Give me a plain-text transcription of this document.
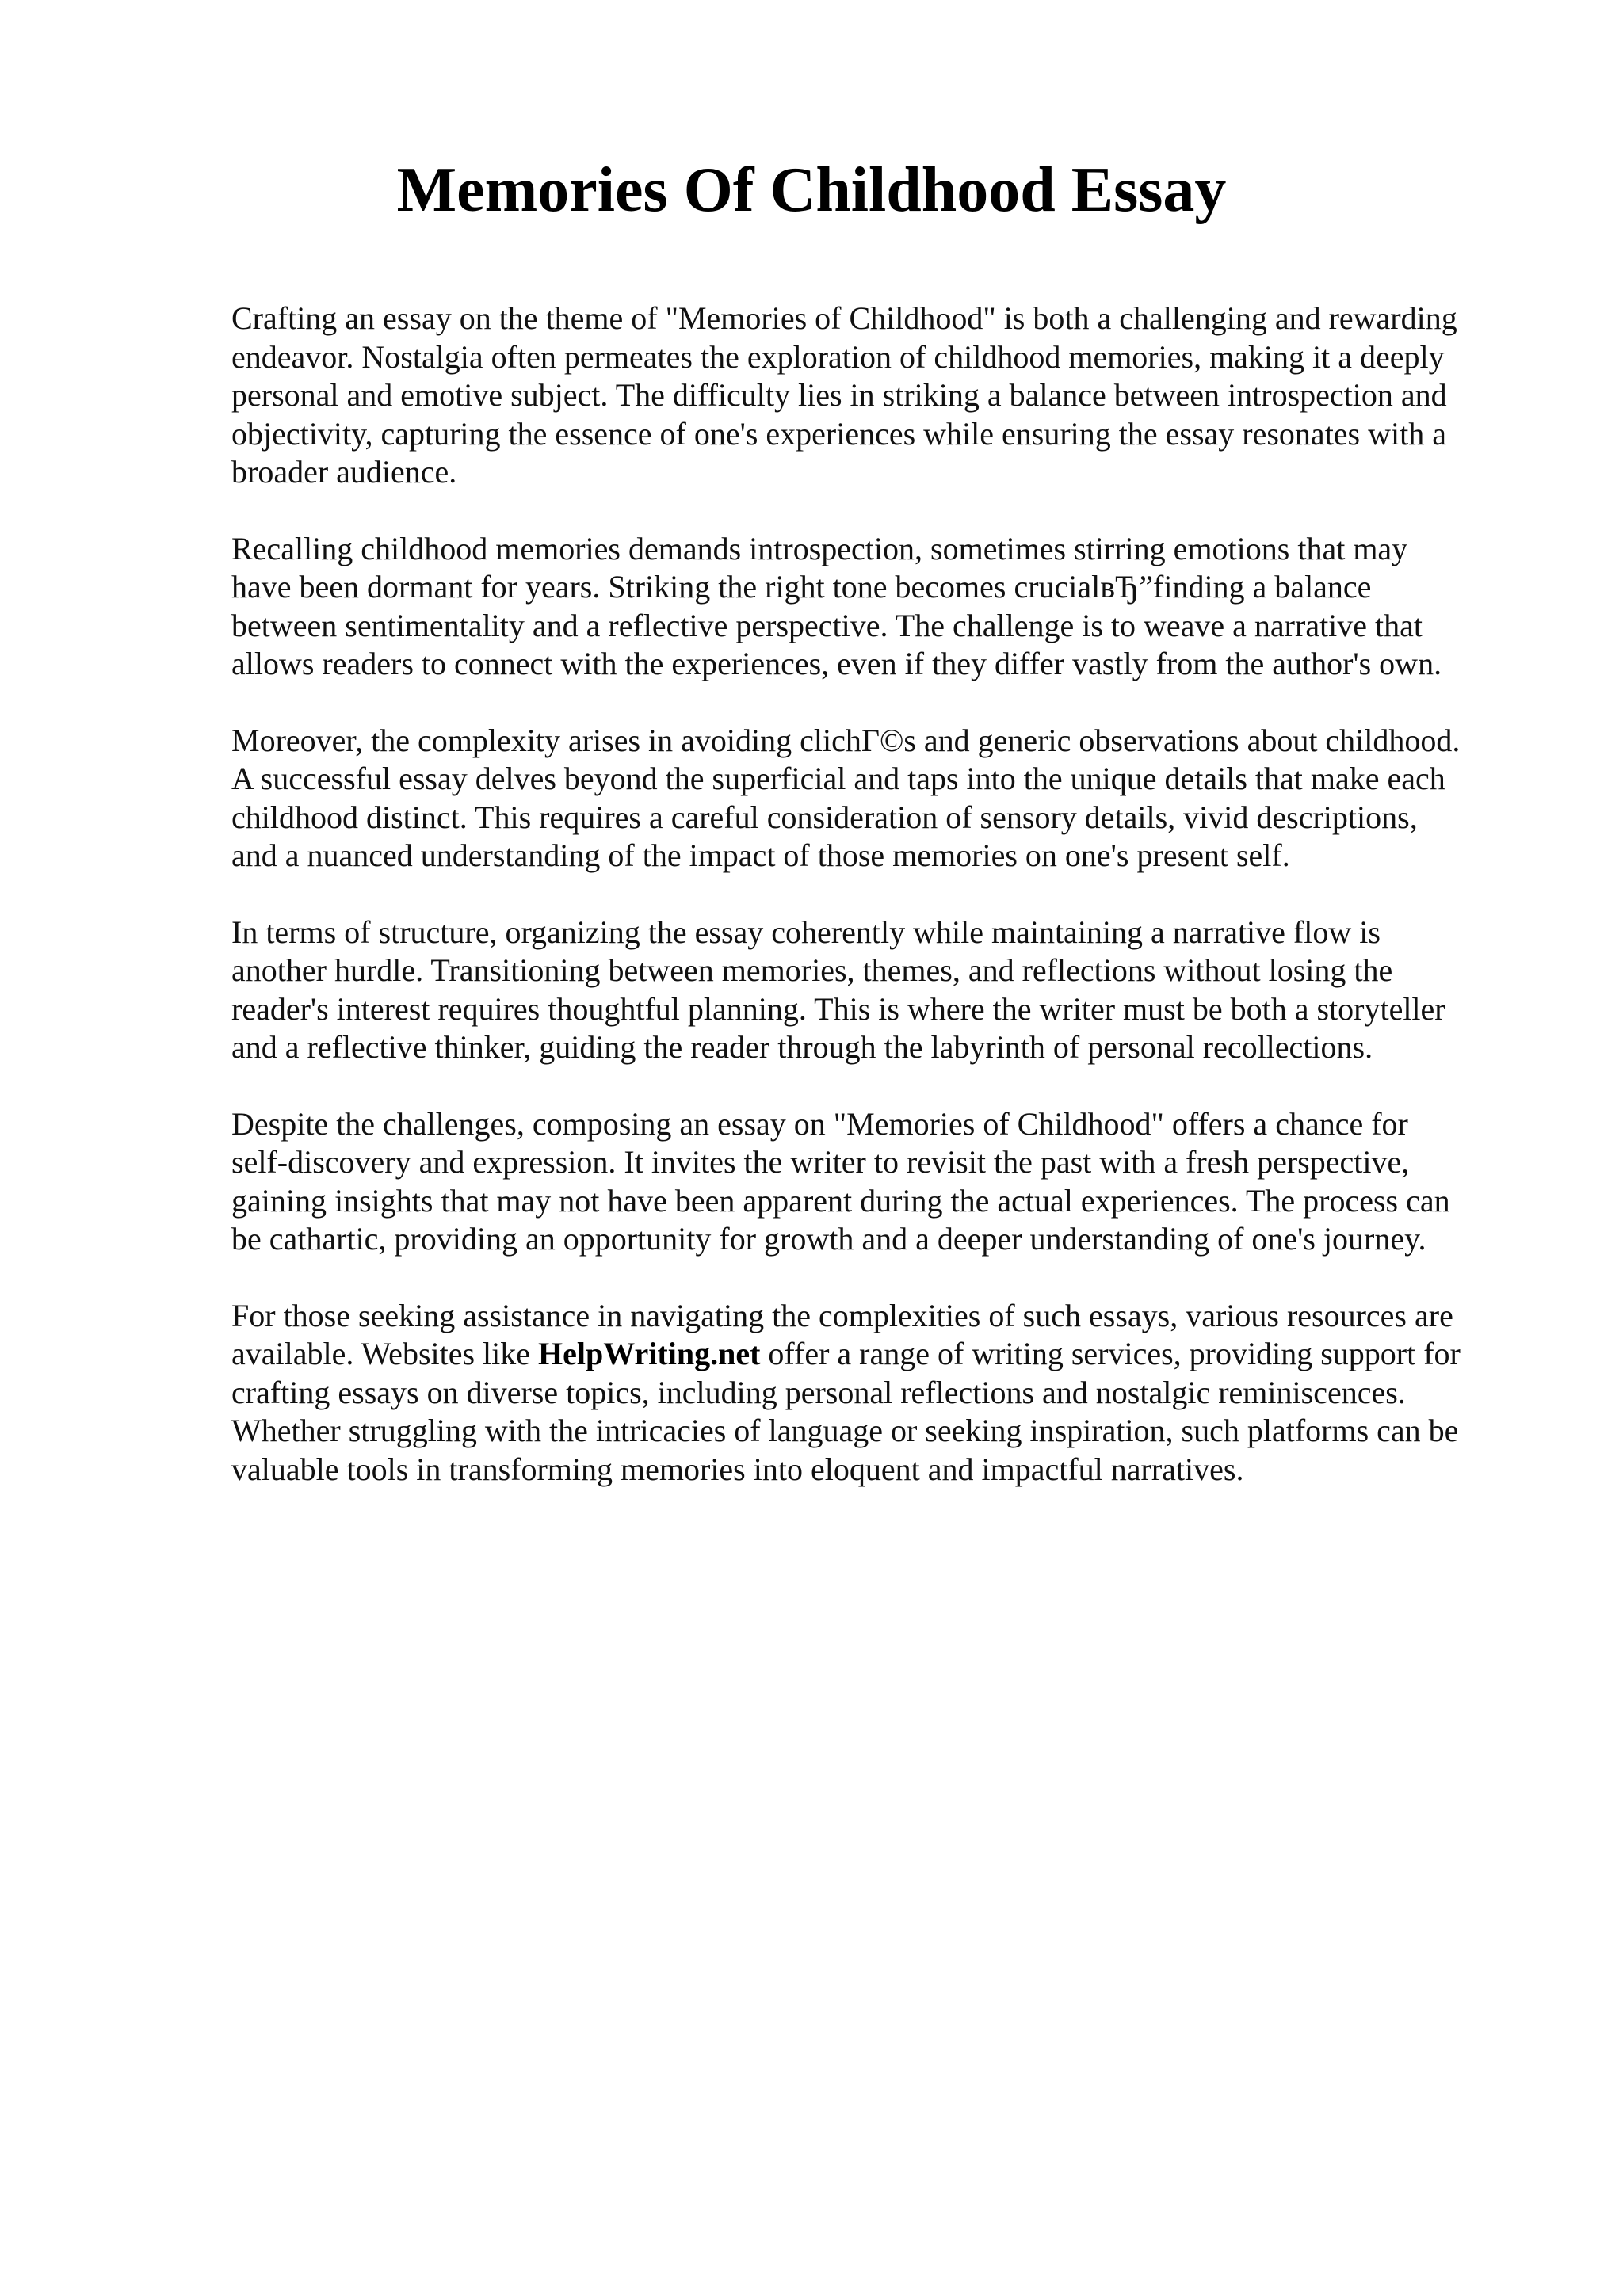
Memories Of Childhood Essay

Crafting an essay on the theme of "Memories of Childhood" is both a challenging and rewarding
endeavor. Nostalgia often permeates the exploration of childhood memories, making it a deeply
personal and emotive subject. The difficulty lies in striking a balance between introspection and
objectivity, capturing the essence of one's experiences while ensuring the essay resonates with a
broader audience.

Recalling childhood memories demands introspection, sometimes stirring emotions that may
have been dormant for years. Striking the right tone becomes crucialвЂ”finding a balance
between sentimentality and a reflective perspective. The challenge is to weave a narrative that
allows readers to connect with the experiences, even if they differ vastly from the author's own.

Moreover, the complexity arises in avoiding clichГ©s and generic observations about childhood.
A successful essay delves beyond the superficial and taps into the unique details that make each
childhood distinct. This requires a careful consideration of sensory details, vivid descriptions,
and a nuanced understanding of the impact of those memories on one's present self.

In terms of structure, organizing the essay coherently while maintaining a narrative flow is
another hurdle. Transitioning between memories, themes, and reflections without losing the
reader's interest requires thoughtful planning. This is where the writer must be both a storyteller
and a reflective thinker, guiding the reader through the labyrinth of personal recollections.

Despite the challenges, composing an essay on "Memories of Childhood" offers a chance for
self-discovery and expression. It invites the writer to revisit the past with a fresh perspective,
gaining insights that may not have been apparent during the actual experiences. The process can
be cathartic, providing an opportunity for growth and a deeper understanding of one's journey.

For those seeking assistance in navigating the complexities of such essays, various resources are
available. Websites like HelpWriting.net offer a range of writing services, providing support for
crafting essays on diverse topics, including personal reflections and nostalgic reminiscences.
Whether struggling with the intricacies of language or seeking inspiration, such platforms can be
valuable tools in transforming memories into eloquent and impactful narratives.
